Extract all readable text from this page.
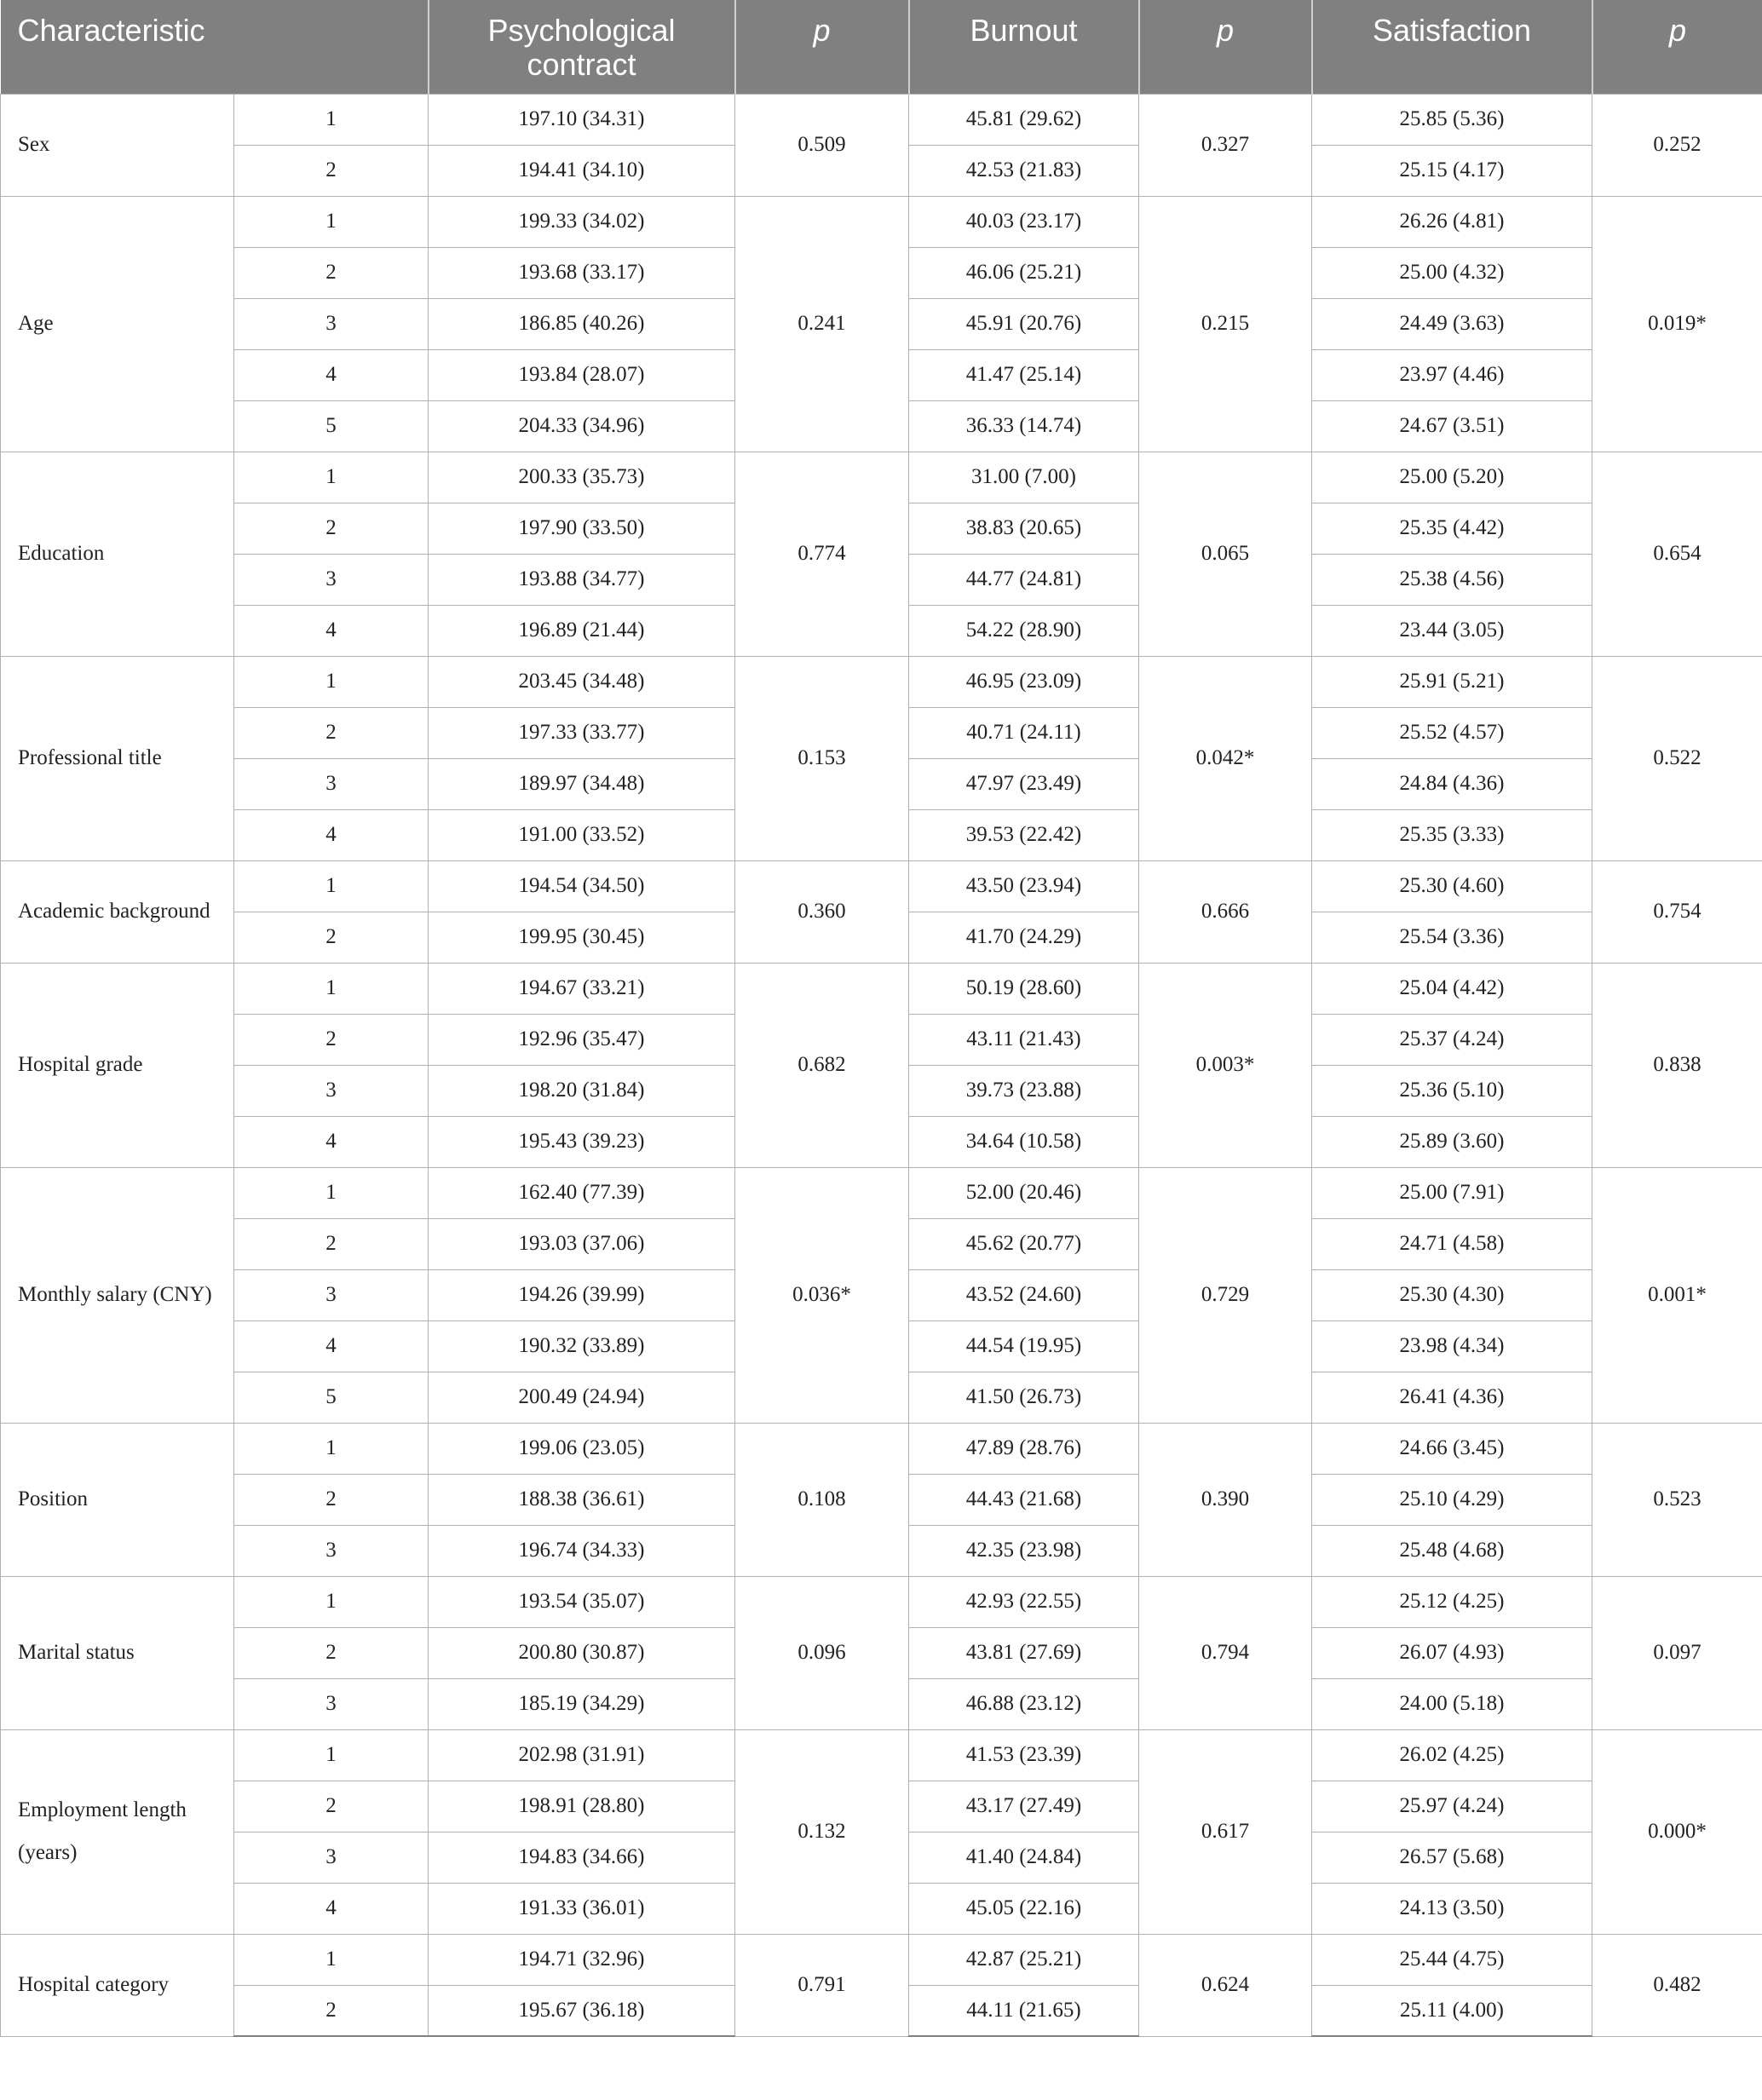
Characteristic		Psychological contract	p	Burnout	p	Satisfaction	p
Sex	1	197.10 (34.31)	0.509	45.81 (29.62)	0.327	25.85 (5.36)	0.252
	2	194.41 (34.10)		42.53 (21.83)		25.15 (4.17)	
Age	1	199.33 (34.02)	0.241	40.03 (23.17)	0.215	26.26 (4.81)	0.019*
	2	193.68 (33.17)		46.06 (25.21)		25.00 (4.32)	
	3	186.85 (40.26)		45.91 (20.76)		24.49 (3.63)	
	4	193.84 (28.07)		41.47 (25.14)		23.97 (4.46)	
	5	204.33 (34.96)		36.33 (14.74)		24.67 (3.51)	
Education	1	200.33 (35.73)	0.774	31.00 (7.00)	0.065	25.00 (5.20)	0.654
	2	197.90 (33.50)		38.83 (20.65)		25.35 (4.42)	
	3	193.88 (34.77)		44.77 (24.81)		25.38 (4.56)	
	4	196.89 (21.44)		54.22 (28.90)		23.44 (3.05)	
Professional title	1	203.45 (34.48)	0.153	46.95 (23.09)	0.042*	25.91 (5.21)	0.522
	2	197.33 (33.77)		40.71 (24.11)		25.52 (4.57)	
	3	189.97 (34.48)		47.97 (23.49)		24.84 (4.36)	
	4	191.00 (33.52)		39.53 (22.42)		25.35 (3.33)	
Academic background	1	194.54 (34.50)	0.360	43.50 (23.94)	0.666	25.30 (4.60)	0.754
	2	199.95 (30.45)		41.70 (24.29)		25.54 (3.36)	
Hospital grade	1	194.67 (33.21)	0.682	50.19 (28.60)	0.003*	25.04 (4.42)	0.838
	2	192.96 (35.47)		43.11 (21.43)		25.37 (4.24)	
	3	198.20 (31.84)		39.73 (23.88)		25.36 (5.10)	
	4	195.43 (39.23)		34.64 (10.58)		25.89 (3.60)	
Monthly salary (CNY)	1	162.40 (77.39)	0.036*	52.00 (20.46)	0.729	25.00 (7.91)	0.001*
	2	193.03 (37.06)		45.62 (20.77)		24.71 (4.58)	
	3	194.26 (39.99)		43.52 (24.60)		25.30 (4.30)	
	4	190.32 (33.89)		44.54 (19.95)		23.98 (4.34)	
	5	200.49 (24.94)		41.50 (26.73)		26.41 (4.36)	
Position	1	199.06 (23.05)	0.108	47.89 (28.76)	0.390	24.66 (3.45)	0.523
	2	188.38 (36.61)		44.43 (21.68)		25.10 (4.29)	
	3	196.74 (34.33)		42.35 (23.98)		25.48 (4.68)	
Marital status	1	193.54 (35.07)	0.096	42.93 (22.55)	0.794	25.12 (4.25)	0.097
	2	200.80 (30.87)		43.81 (27.69)		26.07 (4.93)	
	3	185.19 (34.29)		46.88 (23.12)		24.00 (5.18)	
Employment length (years)	1	202.98 (31.91)	0.132	41.53 (23.39)	0.617	26.02 (4.25)	0.000*
	2	198.91 (28.80)		43.17 (27.49)		25.97 (4.24)	
	3	194.83 (34.66)		41.40 (24.84)		26.57 (5.68)	
	4	191.33 (36.01)		45.05 (22.16)		24.13 (3.50)	
Hospital category	1	194.71 (32.96)	0.791	42.87 (25.21)	0.624	25.44 (4.75)	0.482
	2	195.67 (36.18)		44.11 (21.65)		25.11 (4.00)	
